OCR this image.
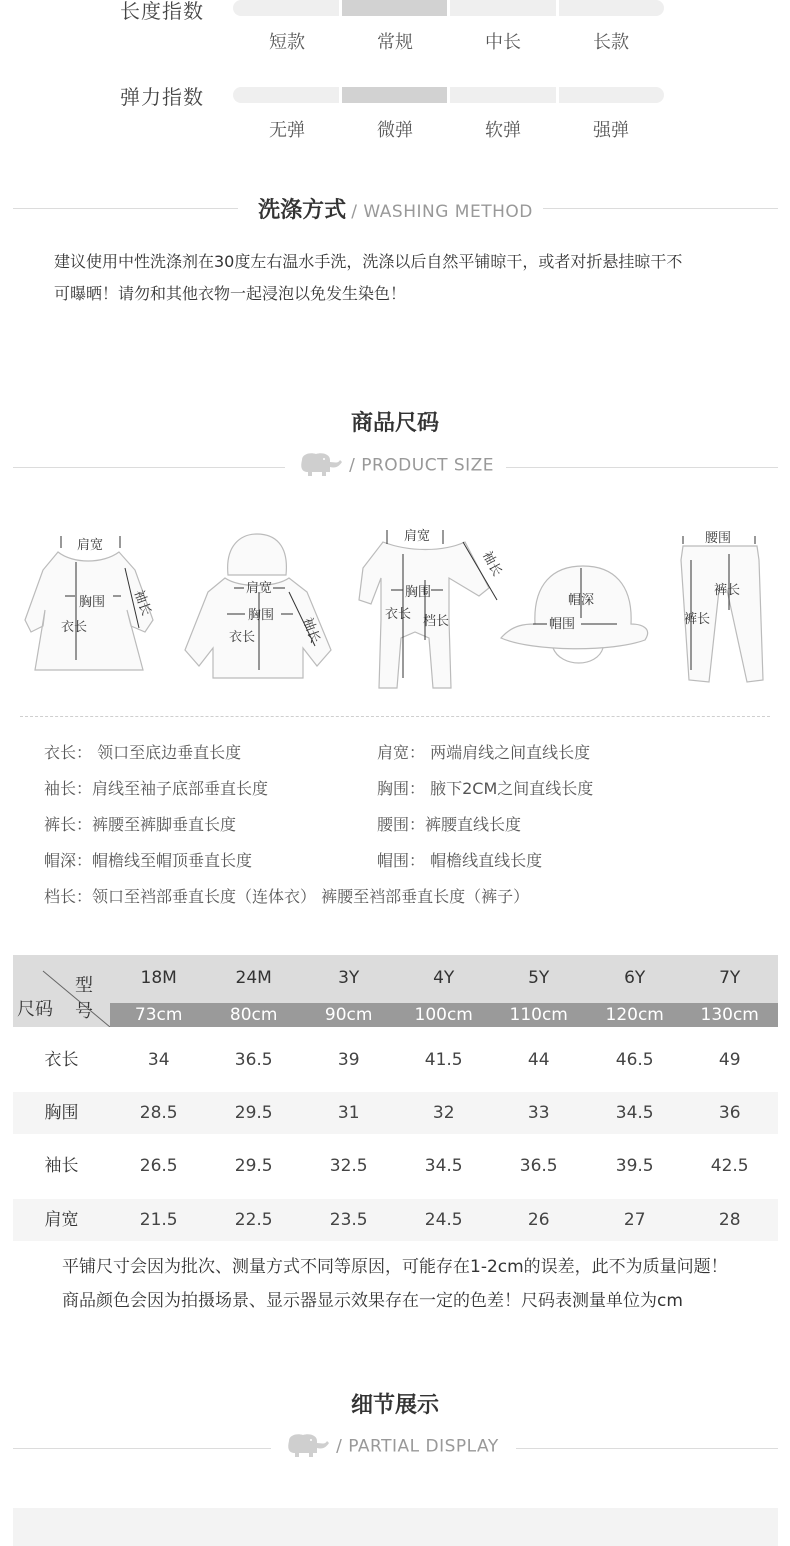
长度指数
短款	常规	中长	长款
弹力指数
无弹	微弹	软弹	强弹
洗涤方式 / WASHING METHOD
建议使用中性洗涤剂在30度左右温水手洗，洗涤以后自然平铺晾干，或者对折悬挂晾干不
可曝晒！请勿和其他衣物一起浸泡以免发生染色！
商品尺码
/ PRODUCT SIZE
肩宽
胸围
衣长
袖长	肩宽
胸围
衣长	袖长
肩宽
胸围
衣长 档长
袖长
帽深
帽围
腰围
裤长
裤长
衣长： 领口至底边垂直长度	肩宽： 两端肩线之间直线长度
袖长：肩线至袖子底部垂直长度	胸围： 腋下2CM之间直线长度
裤长：裤腰至裤脚垂直长度	腰围：裤腰直线长度
帽深：帽檐线至帽顶垂直长度	帽围： 帽檐线直线长度
档长：领口至裆部垂直长度（连体衣） 裤腰至裆部垂直长度（裤子）
型号
尺码
18M	24M	3Y	4Y	5Y	6Y	7Y
73cm	80cm	90cm	100cm	110cm	120cm	130cm
衣长	34	36.5	39	41.5	44	46.5	49
胸围	28.5	29.5	31	32	33	34.5	36
袖长	26.5	29.5	32.5	34.5	36.5	39.5	42.5
肩宽	21.5	22.5	23.5	24.5	26	27	28
平铺尺寸会因为批次、测量方式不同等原因，可能存在1-2cm的误差，此不为质量问题！
商品颜色会因为拍摄场景、显示器显示效果存在一定的色差！尺码表测量单位为cm
细节展示
/ PARTIAL DISPLAY
